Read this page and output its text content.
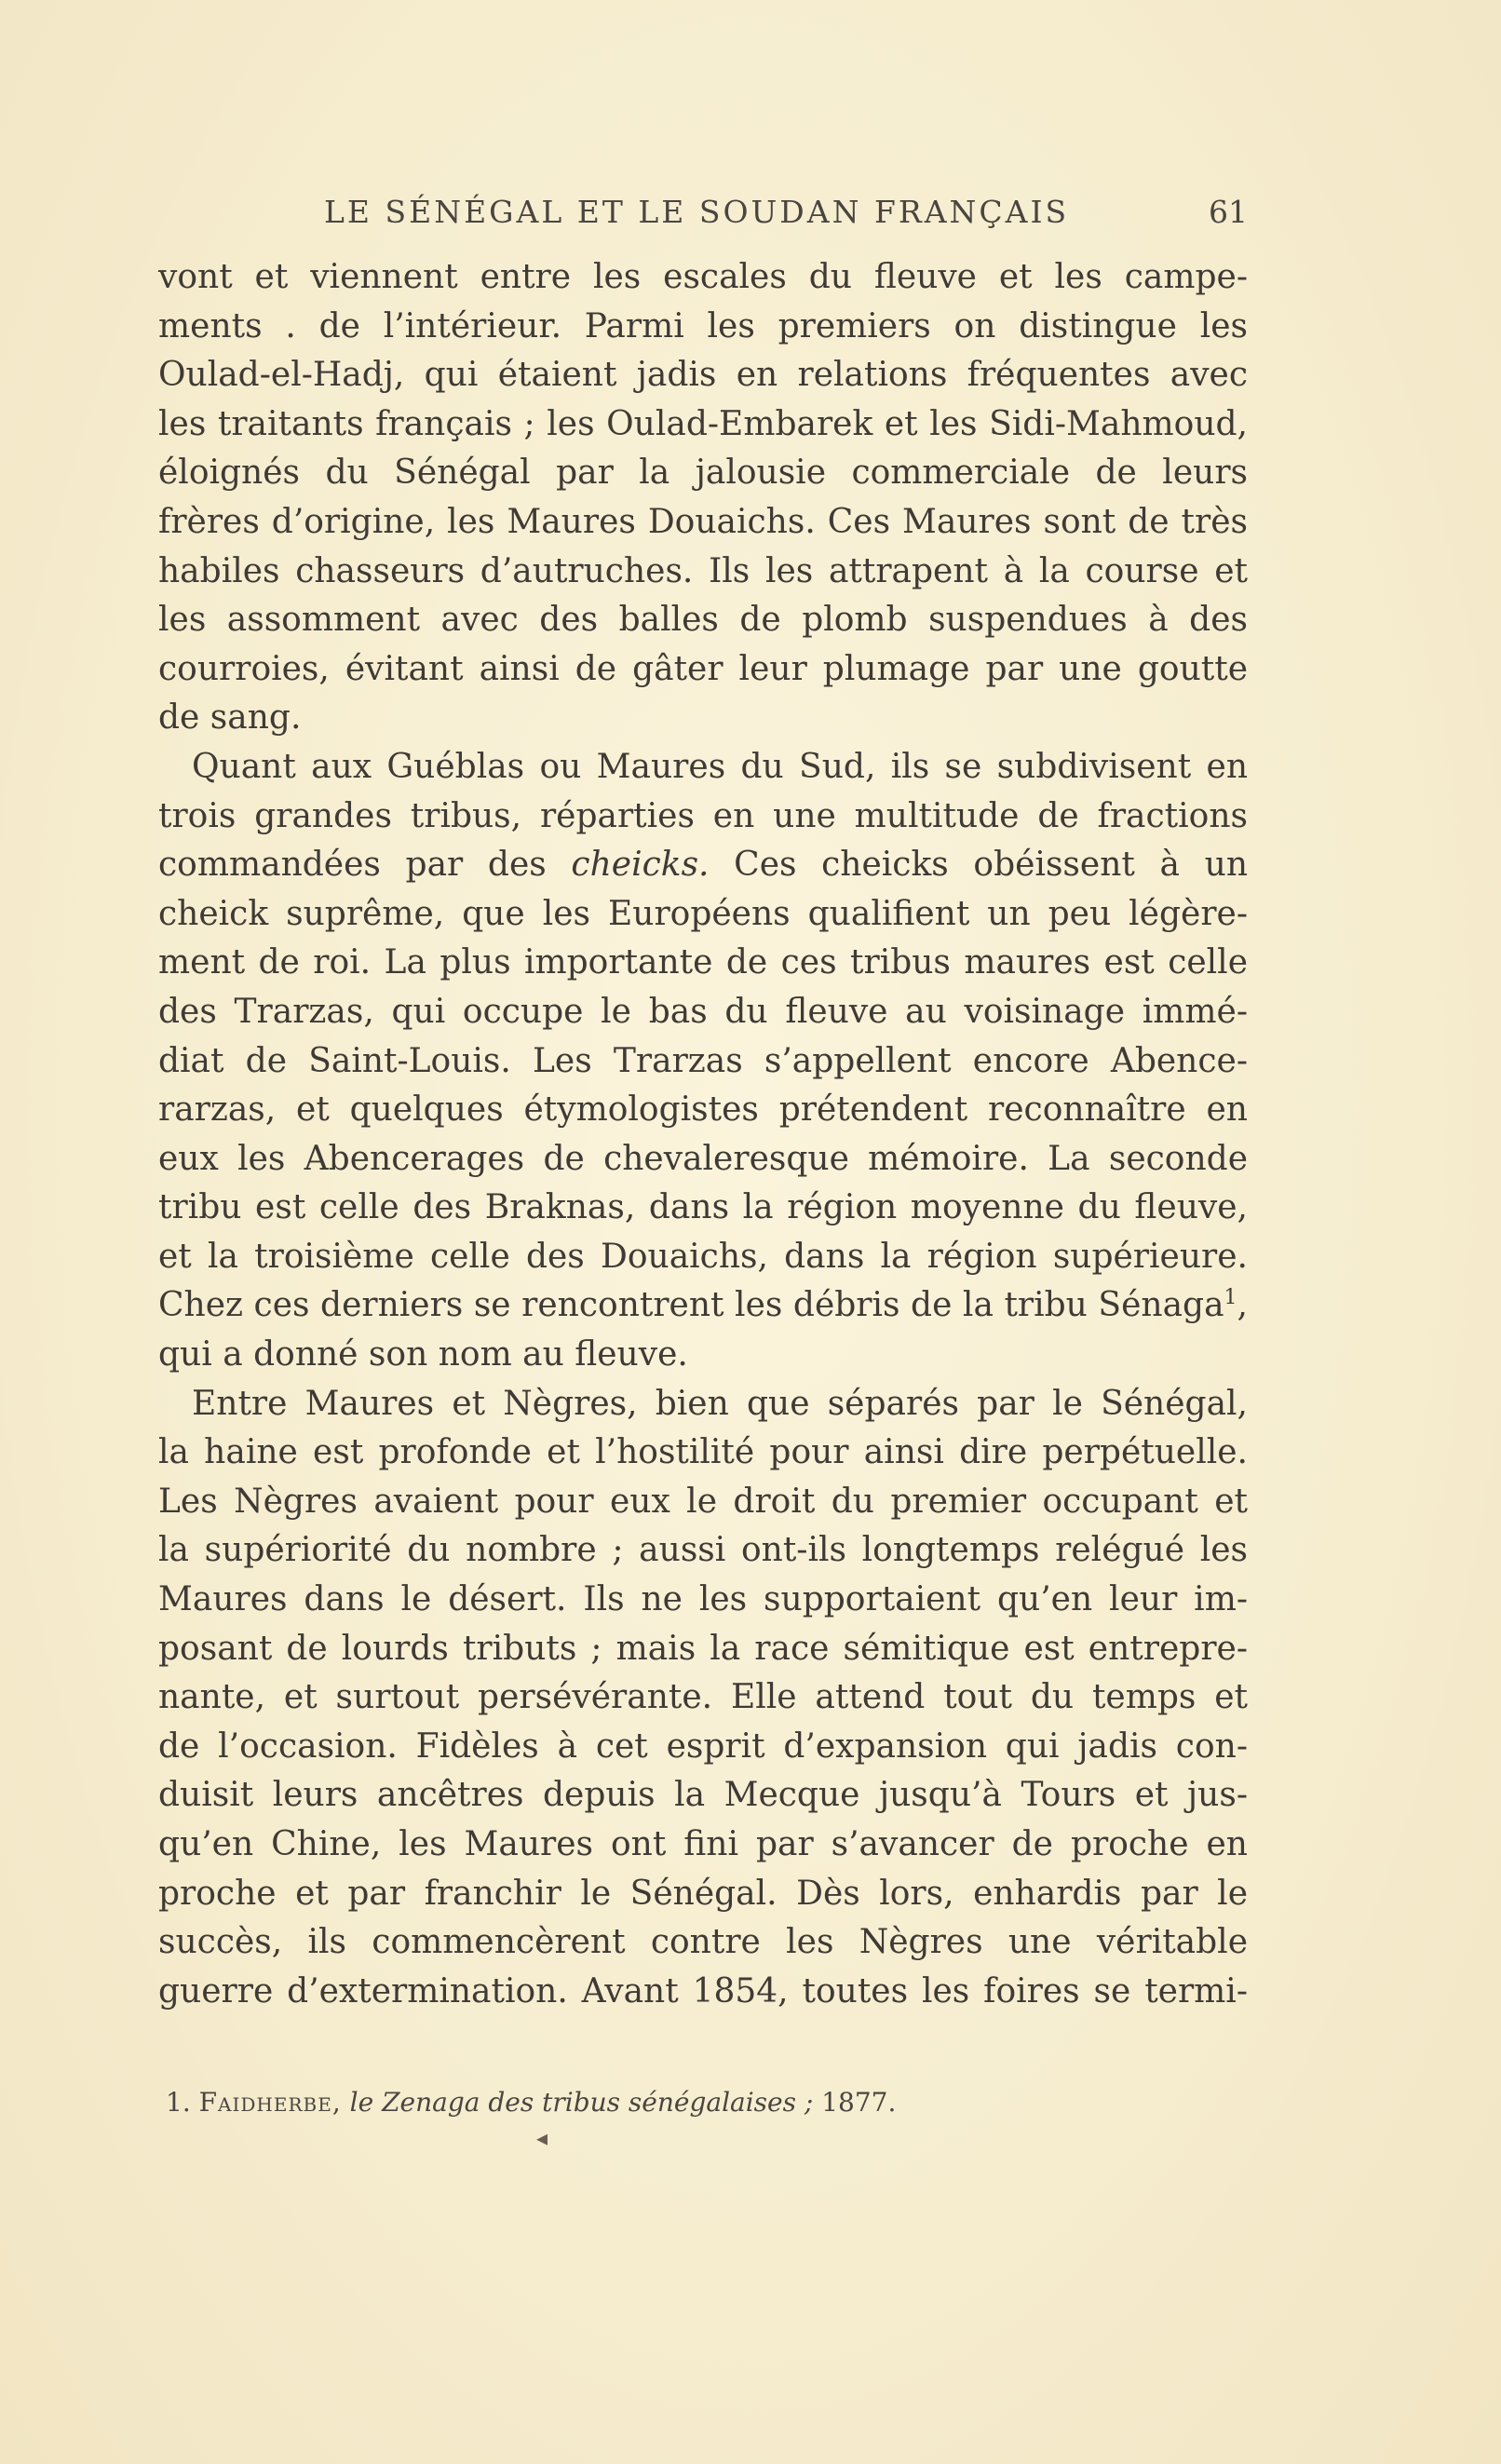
LE SÉNÉGAL ET LE SOUDAN FRANÇAIS	61
vont et viennent entre les escales du fleuve et les campe-
ments . de l’intérieur. Parmi les premiers on distingue les
Oulad-el-Hadj, qui étaient jadis en relations fréquentes avec
les traitants français ; les Oulad-Embarek et les Sidi-Mahmoud,
éloignés du Sénégal par la jalousie commerciale de leurs
frères d’origine, les Maures Douaichs. Ces Maures sont de très
habiles chasseurs d’autruches. Ils les attrapent à la course et
les assomment avec des balles de plomb suspendues à des
courroies, évitant ainsi de gâter leur plumage par une goutte
de sang.
Quant aux Guéblas ou Maures du Sud, ils se subdivisent en
trois grandes tribus, réparties en une multitude de fractions
commandées par des cheicks. Ces cheicks obéissent à un
cheick suprême, que les Européens qualifient un peu légère-
ment de roi. La plus importante de ces tribus maures est celle
des Trarzas, qui occupe le bas du fleuve au voisinage immé-
diat de Saint-Louis. Les Trarzas s’appellent encore Abence-
rarzas, et quelques étymologistes prétendent reconnaître en
eux les Abencerages de chevaleresque mémoire. La seconde
tribu est celle des Braknas, dans la région moyenne du fleuve,
et la troisième celle des Douaichs, dans la région supérieure.
Chez ces derniers se rencontrent les débris de la tribu Sénaga$^1$,
qui a donné son nom au fleuve.
Entre Maures et Nègres, bien que séparés par le Sénégal,
la haine est profonde et l’hostilité pour ainsi dire perpétuelle.
Les Nègres avaient pour eux le droit du premier occupant et
la supériorité du nombre ; aussi ont-ils longtemps relégué les
Maures dans le désert. Ils ne les supportaient qu’en leur im-
posant de lourds tributs ; mais la race sémitique est entrepre-
nante, et surtout persévérante. Elle attend tout du temps et
de l’occasion. Fidèles à cet esprit d’expansion qui jadis con-
duisit leurs ancêtres depuis la Mecque jusqu’à Tours et jus-
qu’en Chine, les Maures ont fini par s’avancer de proche en
proche et par franchir le Sénégal. Dès lors, enhardis par le
succès, ils commencèrent contre les Nègres une véritable
guerre d’extermination. Avant 1854, toutes les foires se termi-
1. Faidherbe, le Zenaga des tribus sénégalaises ; 1877.
◂
